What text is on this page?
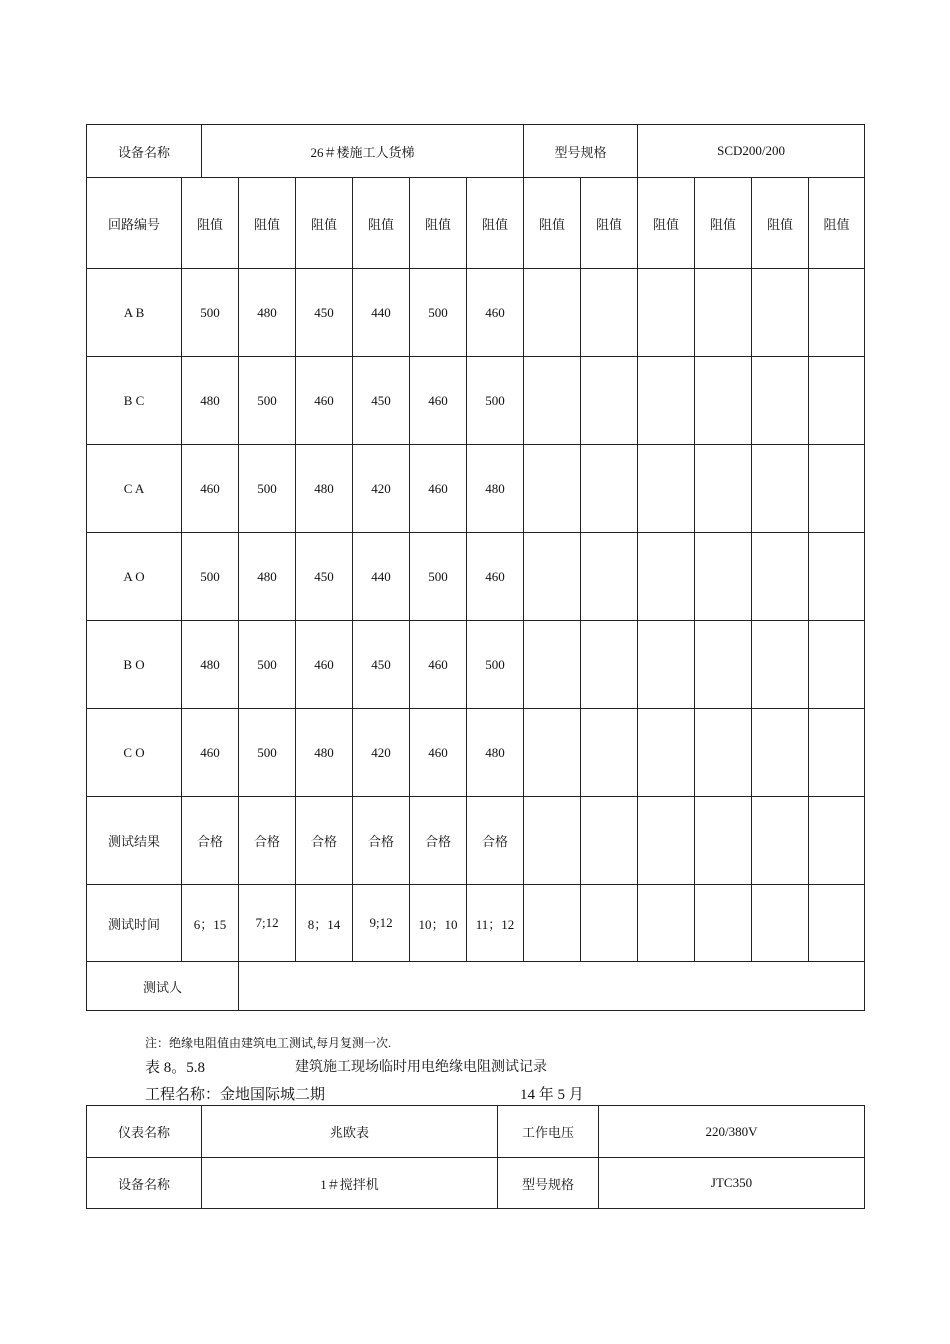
设备名称		26＃楼施工人货梯						型号规格		SCD200/200			
回路编号	阻值		阻值	阻值	阻值	阻值	阻值	阻值	阻值	阻值	阻值	阻值	阻值
A B	500		480	450	440	500	460						
B C	480		500	460	450	460	500						
C A	460		500	480	420	460	480						
A O	500		480	450	440	500	460						
B O	480		500	460	450	460	500						
C O	460		500	480	420	460	480						
测试结果	合格		合格	合格	合格	合格	合格						
测试时间	6；15		7;12	8；14	9;12	10；10	11；12						
测试人													
注：绝缘电阻值由建筑电工测试,每月复测一次.
表 8。5.8	建筑施工现场临时用电绝缘电阻测试记录
工程名称：金地国际城二期	14 年 5 月
仪表名称	兆欧表	工作电压	220/380V
设备名称	1＃搅拌机	型号规格	JTC350
